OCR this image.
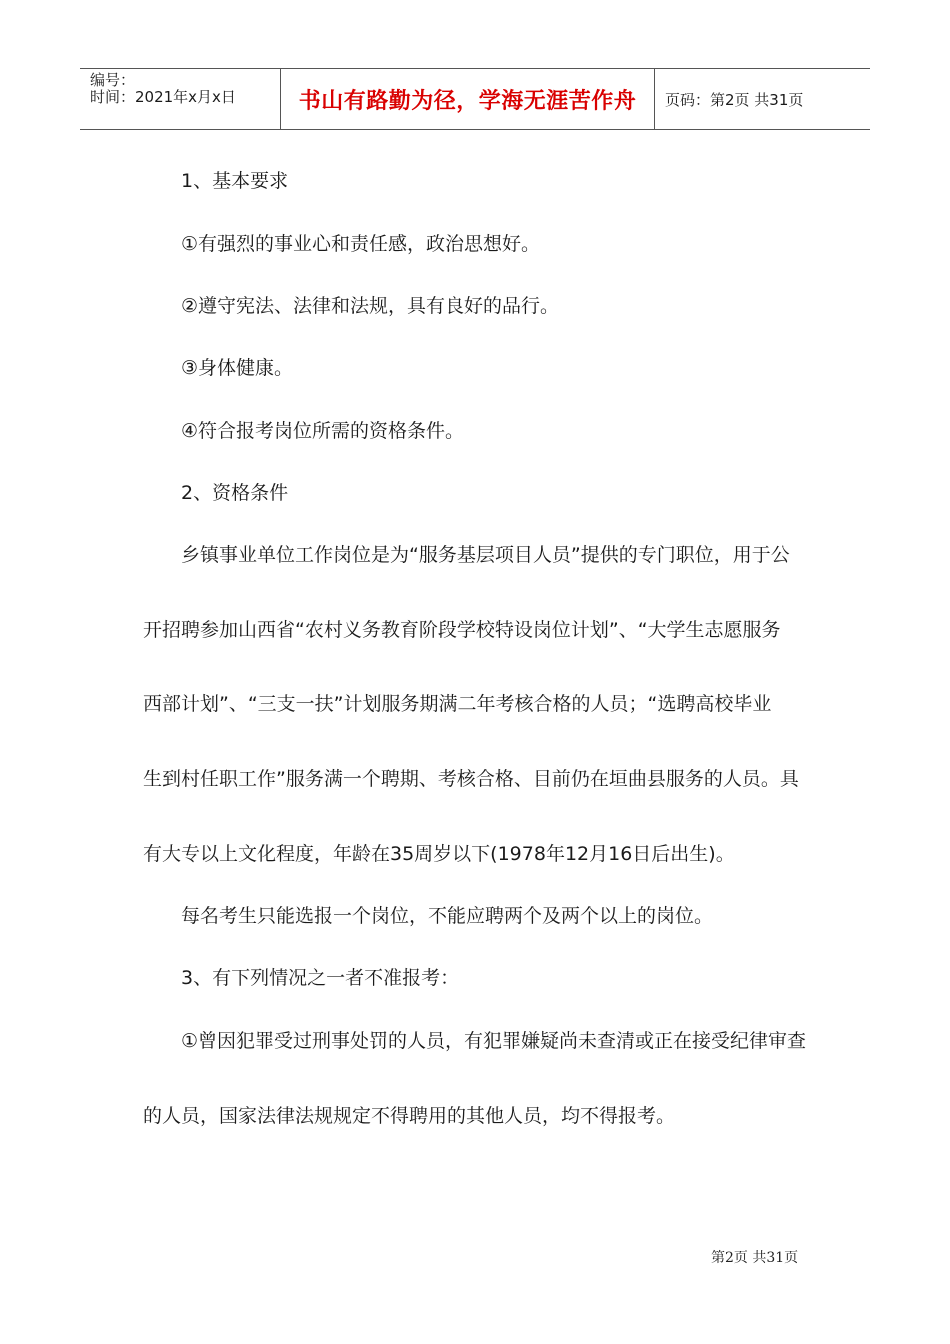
编号：
时间：2021年x月x日	书山有路勤为径，学海无涯苦作舟 页码：第2页 共31页
1、基本要求
①有强烈的事业心和责任感，政治思想好。
②遵守宪法、法律和法规，具有良好的品行。
③身体健康。
④符合报考岗位所需的资格条件。
2、资格条件
乡镇事业单位工作岗位是为“服务基层项目人员”提供的专门职位，用于公
开招聘参加山西省“农村义务教育阶段学校特设岗位计划”、“大学生志愿服务
西部计划”、“三支一扶”计划服务期满二年考核合格的人员；“选聘高校毕业
生到村任职工作”服务满一个聘期、考核合格、目前仍在垣曲县服务的人员。具
有大专以上文化程度，年龄在35周岁以下(1978年12月16日后出生)。
每名考生只能选报一个岗位，不能应聘两个及两个以上的岗位。
3、有下列情况之一者不准报考：
①曾因犯罪受过刑事处罚的人员，有犯罪嫌疑尚未查清或正在接受纪律审查
的人员，国家法律法规规定不得聘用的其他人员，均不得报考。
第2页 共31页
